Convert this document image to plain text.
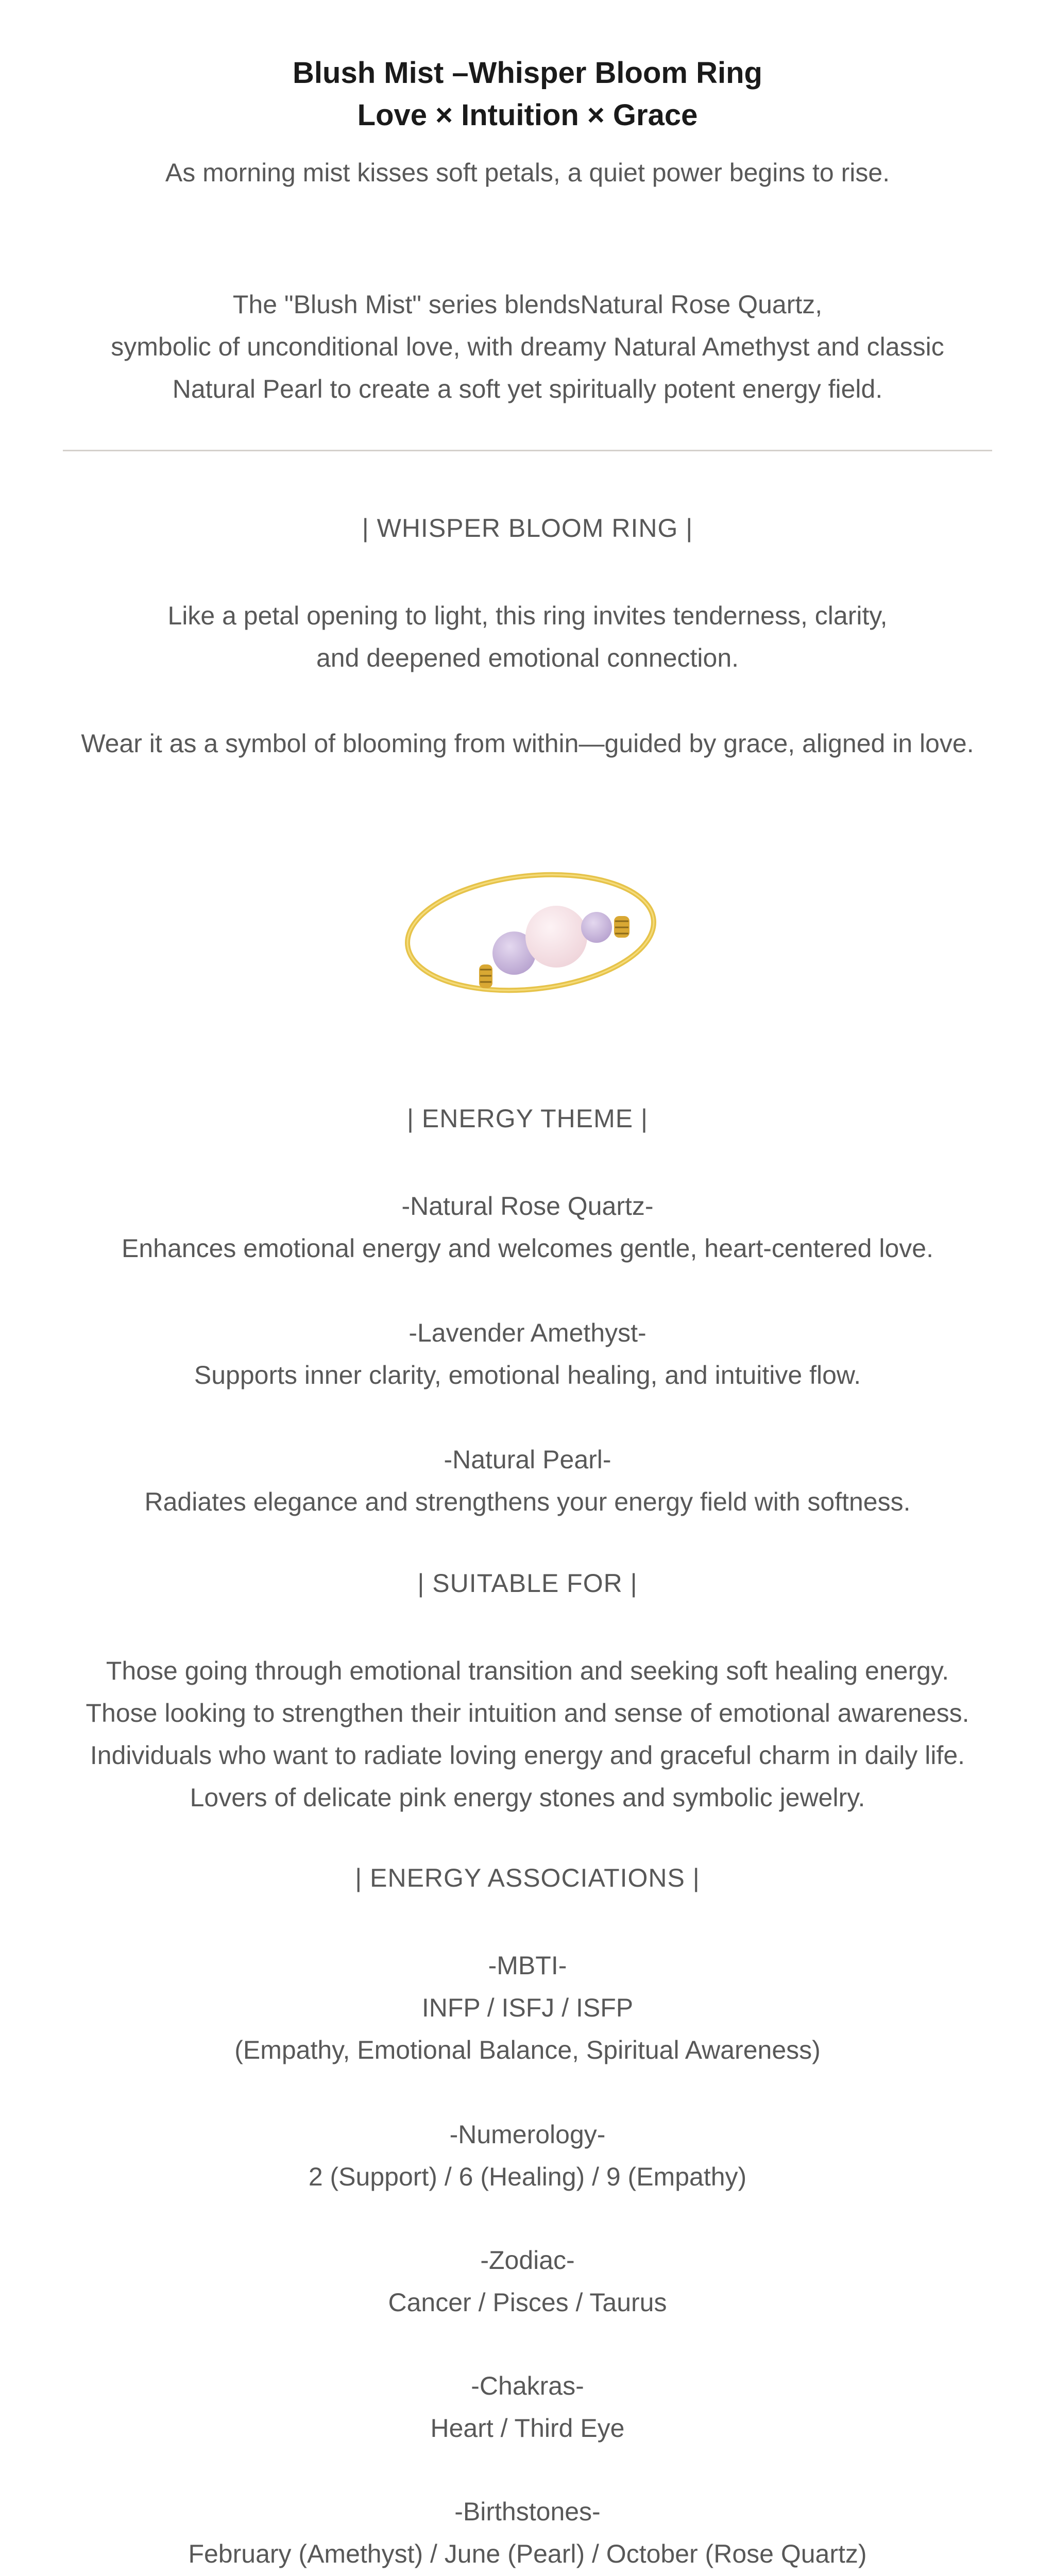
Blush Mist –Whisper Bloom Ring
Love × Intuition × Grace
As morning mist kisses soft petals, a quiet power begins to rise.
The "Blush Mist" series blendsNatural Rose Quartz,
symbolic of unconditional love, with dreamy Natural Amethyst and classic
Natural Pearl to create a soft yet spiritually potent energy field.
| WHISPER BLOOM RING |
Like a petal opening to light, this ring invites tenderness, clarity,
and deepened emotional connection.
Wear it as a symbol of blooming from within—guided by grace, aligned in love.
| ENERGY THEME |
-Natural Rose Quartz-
Enhances emotional energy and welcomes gentle, heart-centered love.
-Lavender Amethyst-
Supports inner clarity, emotional healing, and intuitive flow.
-Natural Pearl-
Radiates elegance and strengthens your energy field with softness.
| SUITABLE FOR |
Those going through emotional transition and seeking soft healing energy.
Those looking to strengthen their intuition and sense of emotional awareness.
Individuals who want to radiate loving energy and graceful charm in daily life.
Lovers of delicate pink energy stones and symbolic jewelry.
| ENERGY ASSOCIATIONS |
-MBTI-
INFP / ISFJ / ISFP
(Empathy, Emotional Balance, Spiritual Awareness)
-Numerology-
2 (Support) / 6 (Healing) / 9 (Empathy)
-Zodiac-
Cancer / Pisces / Taurus
-Chakras-
Heart / Third Eye
-Birthstones-
February (Amethyst) / June (Pearl) / October (Rose Quartz)
